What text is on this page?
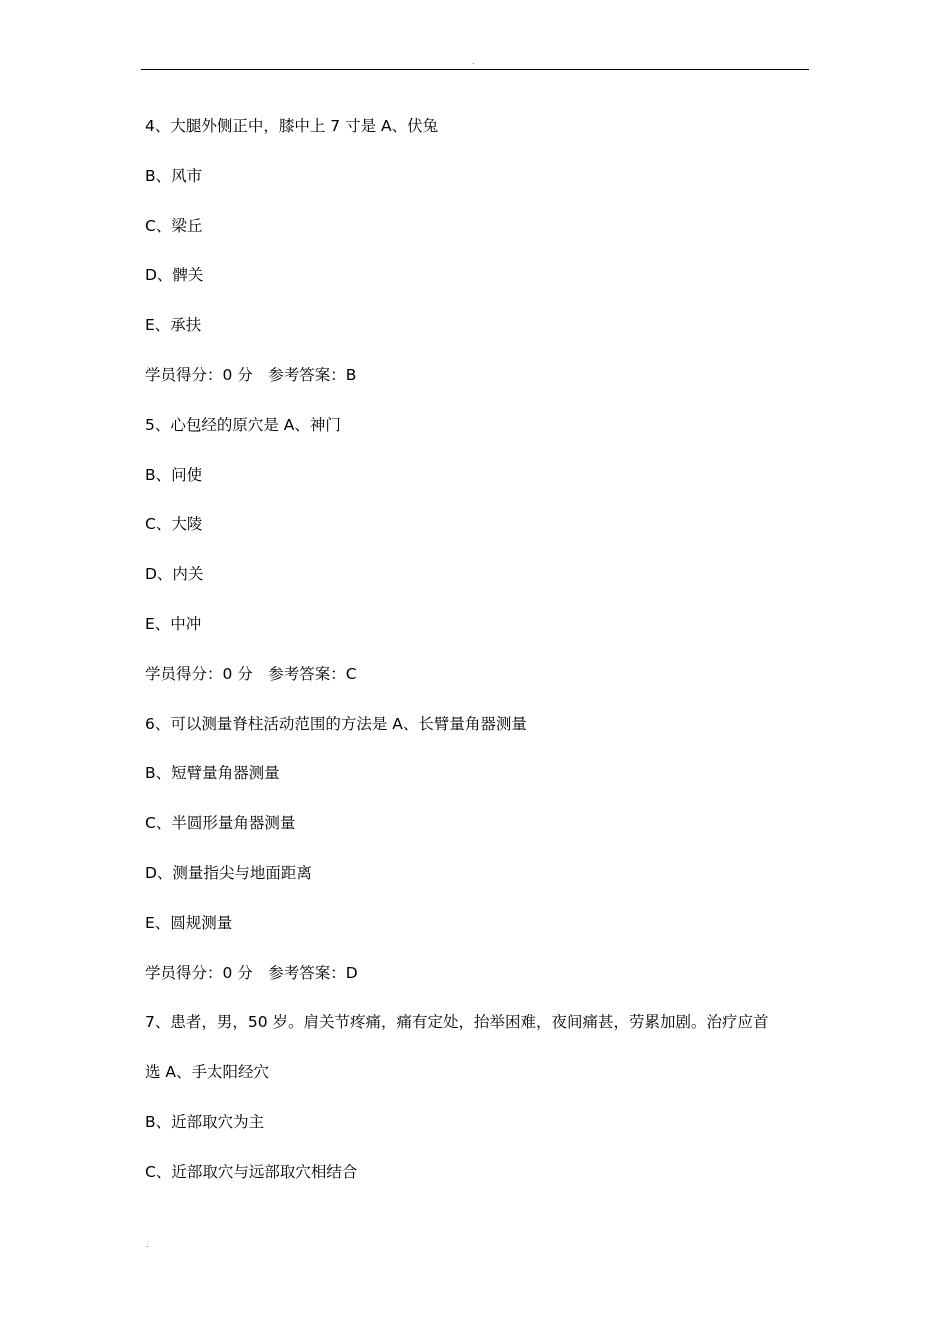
.
4、大腿外侧正中，膝中上 7 寸是 A、伏兔
B、风市
C、梁丘
D、髀关
E、承扶
学员得分：0 分　参考答案：B
5、心包经的原穴是 A、神门
B、问使
C、大陵
D、内关
E、中冲
学员得分：0 分　参考答案：C
6、可以测量脊柱活动范围的方法是 A、长臂量角器测量
B、短臂量角器测量
C、半圆形量角器测量
D、测量指尖与地面距离
E、圆规测量
学员得分：0 分　参考答案：D
7、患者，男，50 岁。肩关节疼痛，痛有定处，抬举困难，夜间痛甚，劳累加剧。治疗应首
选 A、手太阳经穴
B、近部取穴为主
C、近部取穴与远部取穴相结合
.
